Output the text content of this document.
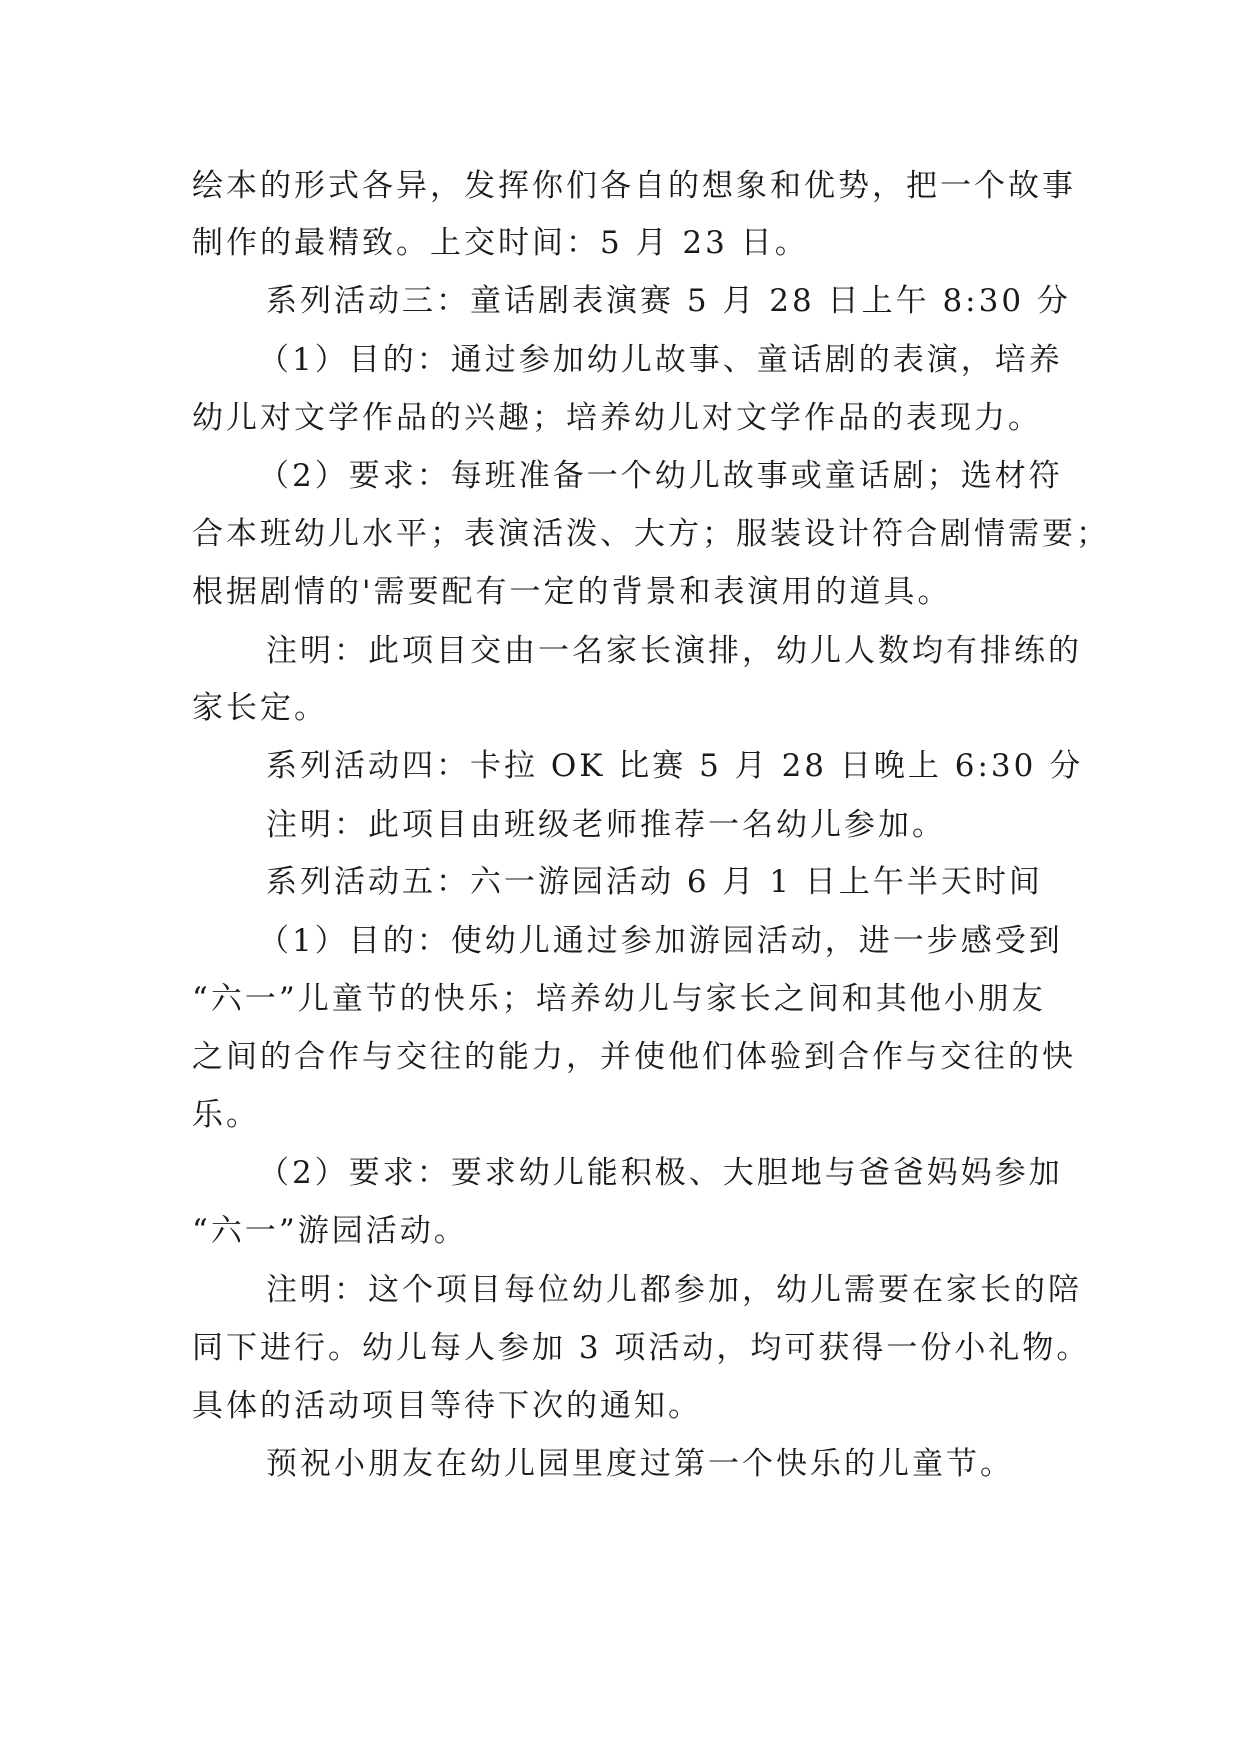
绘本的形式各异，发挥你们各自的想象和优势，把一个故事
制作的最精致。上交时间：5 月 23 日。
系列活动三：童话剧表演赛 5 月 28 日上午 8:30 分
（1）目的：通过参加幼儿故事、童话剧的表演，培养
幼儿对文学作品的兴趣；培养幼儿对文学作品的表现力。
（2）要求：每班准备一个幼儿故事或童话剧；选材符
合本班幼儿水平；表演活泼、大方；服装设计符合剧情需要；
根据剧情的'需要配有一定的背景和表演用的道具。
注明：此项目交由一名家长演排，幼儿人数均有排练的
家长定。
系列活动四：卡拉 OK 比赛 5 月 28 日晚上 6:30 分
注明：此项目由班级老师推荐一名幼儿参加。
系列活动五：六一游园活动 6 月 1 日上午半天时间
（1）目的：使幼儿通过参加游园活动，进一步感受到
“六一”儿童节的快乐；培养幼儿与家长之间和其他小朋友
之间的合作与交往的能力，并使他们体验到合作与交往的快
乐。
（2）要求：要求幼儿能积极、大胆地与爸爸妈妈参加
“六一”游园活动。
注明：这个项目每位幼儿都参加，幼儿需要在家长的陪
同下进行。幼儿每人参加 3 项活动，均可获得一份小礼物。
具体的活动项目等待下次的通知。
预祝小朋友在幼儿园里度过第一个快乐的儿童节。
